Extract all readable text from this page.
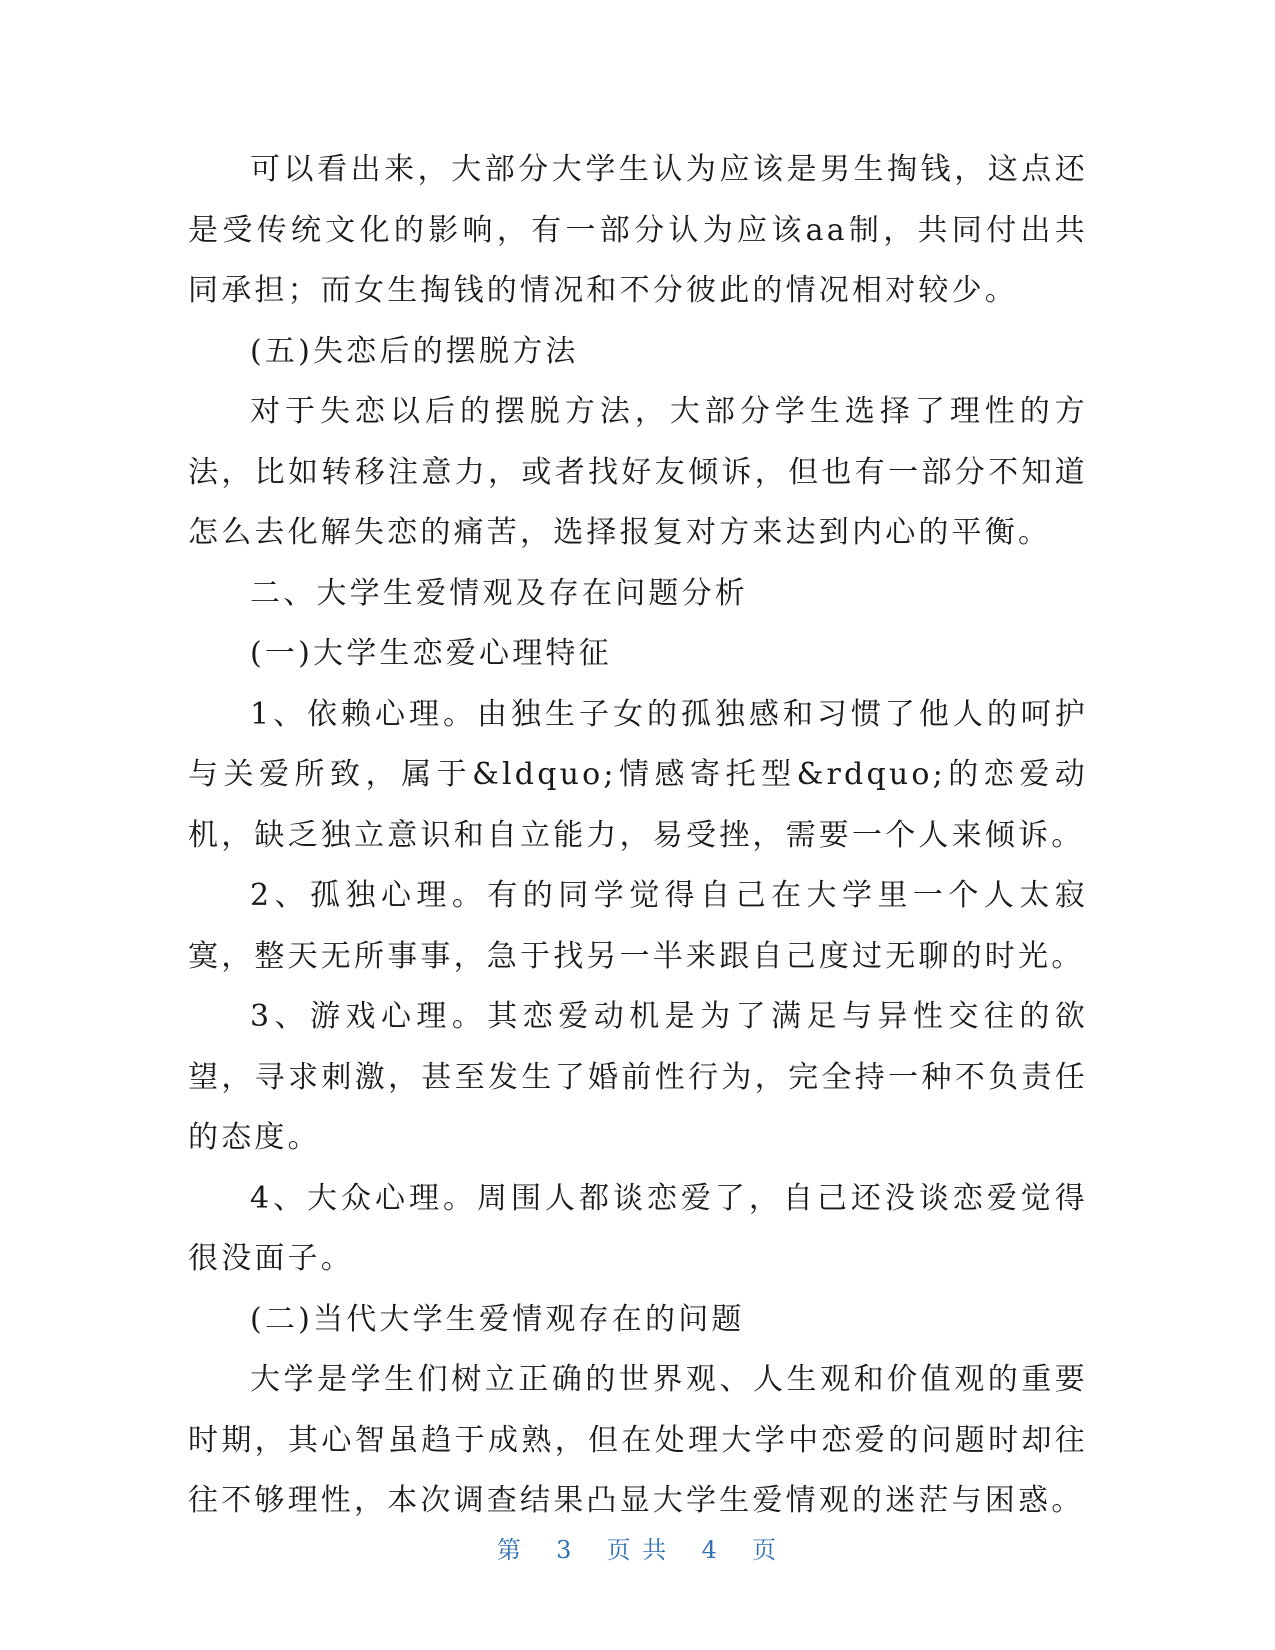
可以看出来，大部分大学生认为应该是男生掏钱，这点还是受传统文化的影响，有一部分认为应该aa制，共同付出共同承担；而女生掏钱的情况和不分彼此的情况相对较少。

(五)失恋后的摆脱方法

对于失恋以后的摆脱方法，大部分学生选择了理性的方法，比如转移注意力，或者找好友倾诉，但也有一部分不知道怎么去化解失恋的痛苦，选择报复对方来达到内心的平衡。

二、大学生爱情观及存在问题分析

(一)大学生恋爱心理特征

1、依赖心理。由独生子女的孤独感和习惯了他人的呵护与关爱所致，属于&ldquo;情感寄托型&rdquo;的恋爱动机，缺乏独立意识和自立能力，易受挫，需要一个人来倾诉。

2、孤独心理。有的同学觉得自己在大学里一个人太寂寞，整天无所事事，急于找另一半来跟自己度过无聊的时光。

3、游戏心理。其恋爱动机是为了满足与异性交往的欲望，寻求刺激，甚至发生了婚前性行为，完全持一种不负责任的态度。

4、大众心理。周围人都谈恋爱了，自己还没谈恋爱觉得很没面子。

(二)当代大学生爱情观存在的问题

大学是学生们树立正确的世界观、人生观和价值观的重要时期，其心智虽趋于成熟，但在处理大学中恋爱的问题时却往往不够理性，本次调查结果凸显大学生爱情观的迷茫与困惑。

第 3 页 共 4 页
